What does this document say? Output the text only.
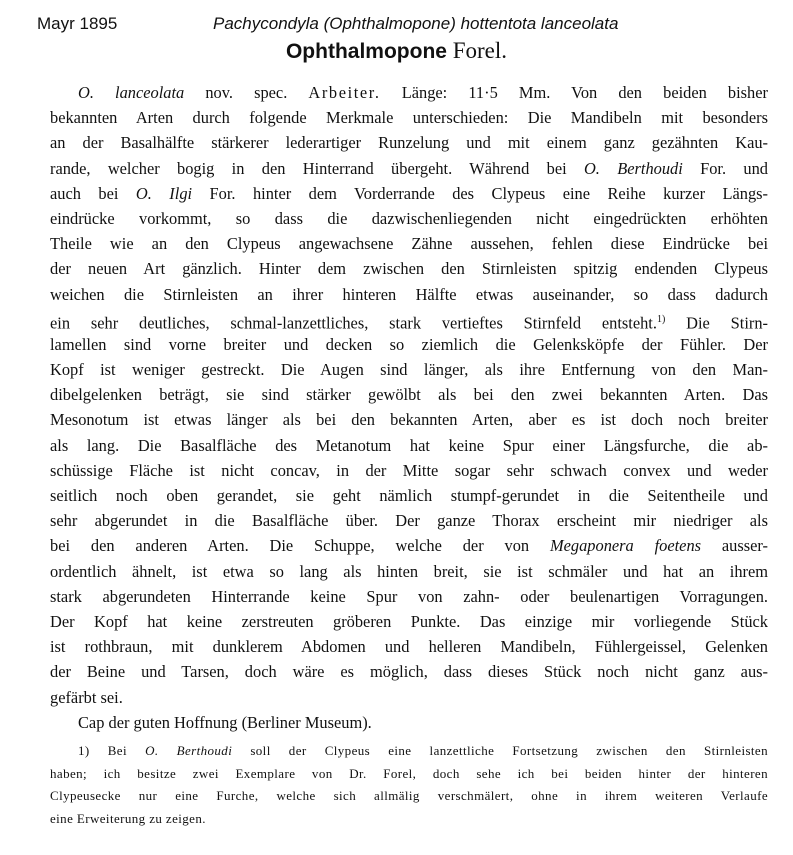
Mayr 1895	Pachycondyla (Ophthalmopone) hottentota lanceolata
Ophthalmopone Forel.
O. lanceolata nov. spec. Arbeiter. Länge: 11·5 Mm. Von den beiden bisher
bekannten Arten durch folgende Merkmale unterschieden: Die Mandibeln mit besonders
an der Basalhälfte stärkerer lederartiger Runzelung und mit einem ganz gezähnten Kau-
rande, welcher bogig in den Hinterrand übergeht. Während bei O. Berthoudi For. und
auch bei O. Ilgi For. hinter dem Vorderrande des Clypeus eine Reihe kurzer Längs-
eindrücke vorkommt, so dass die dazwischenliegenden nicht eingedrückten erhöhten
Theile wie an den Clypeus angewachsene Zähne aussehen, fehlen diese Eindrücke bei
der neuen Art gänzlich. Hinter dem zwischen den Stirnleisten spitzig endenden Clypeus
weichen die Stirnleisten an ihrer hinteren Hälfte etwas auseinander, so dass dadurch
ein sehr deutliches, schmal-lanzettliches, stark vertieftes Stirnfeld entsteht.$^{1)}$ Die Stirn-
lamellen sind vorne breiter und decken so ziemlich die Gelenksköpfe der Fühler. Der
Kopf ist weniger gestreckt. Die Augen sind länger, als ihre Entfernung von den Man-
dibelgelenken beträgt, sie sind stärker gewölbt als bei den zwei bekannten Arten. Das
Mesonotum ist etwas länger als bei den bekannten Arten, aber es ist doch noch breiter
als lang. Die Basalfläche des Metanotum hat keine Spur einer Längsfurche, die ab-
schüssige Fläche ist nicht concav, in der Mitte sogar sehr schwach convex und weder
seitlich noch oben gerandet, sie geht nämlich stumpf-gerundet in die Seitentheile und
sehr abgerundet in die Basalfläche über. Der ganze Thorax erscheint mir niedriger als
bei den anderen Arten. Die Schuppe, welche der von Megaponera foetens ausser-
ordentlich ähnelt, ist etwa so lang als hinten breit, sie ist schmäler und hat an ihrem
stark abgerundeten Hinterrande keine Spur von zahn- oder beulenartigen Vorragungen.
Der Kopf hat keine zerstreuten gröberen Punkte. Das einzige mir vorliegende Stück
ist rothbraun, mit dunklerem Abdomen und helleren Mandibeln, Fühlergeissel, Gelenken
der Beine und Tarsen, doch wäre es möglich, dass dieses Stück noch nicht ganz aus-
gefärbt sei.
Cap der guten Hoffnung (Berliner Museum).
1) Bei O. Berthoudi soll der Clypeus eine lanzettliche Fortsetzung zwischen den Stirnleisten
haben; ich besitze zwei Exemplare von Dr. Forel, doch sehe ich bei beiden hinter der hinteren
Clypeusecke nur eine Furche, welche sich allmälig verschmälert, ohne in ihrem weiteren Verlaufe
eine Erweiterung zu zeigen.
